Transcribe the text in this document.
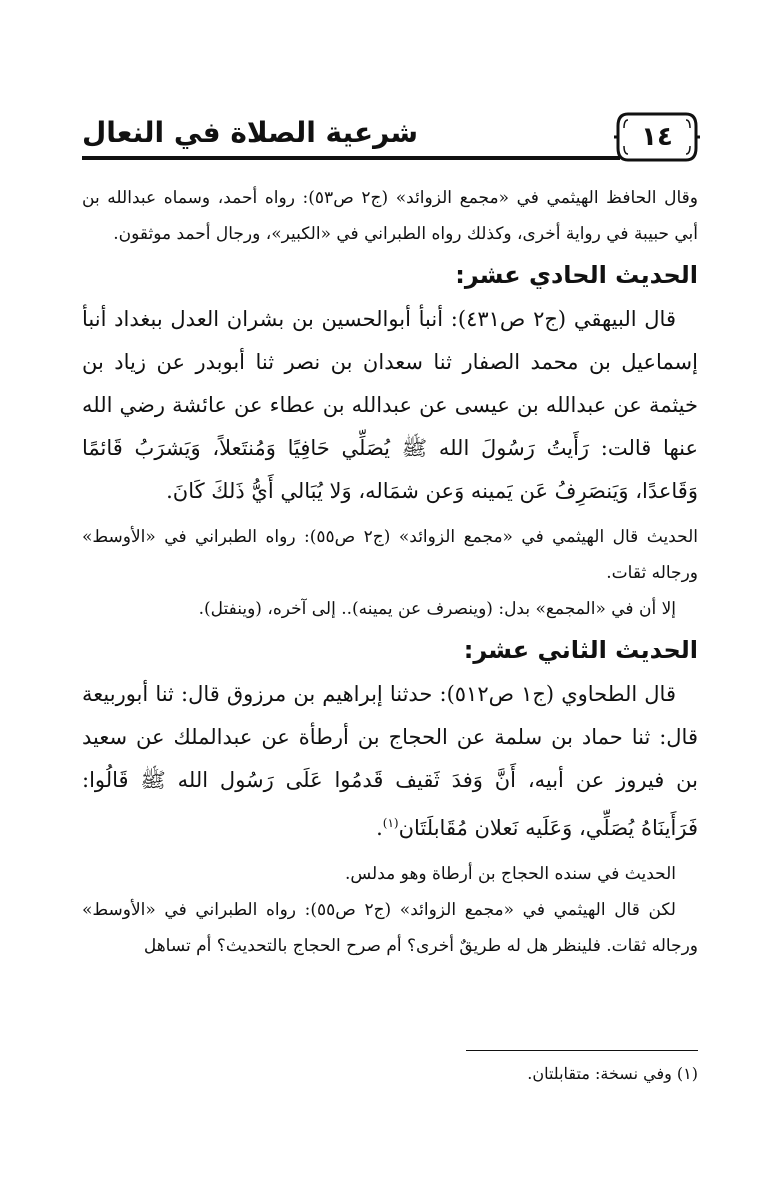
١٤
شرعية الصلاة في النعال

وقال الحافظ الهيثمي في «مجمع الزوائد» (ج٢ ص٥٣): رواه أحمد، وسماه عبدالله بن أبي حبيبة في رواية أخرى، وكذلك رواه الطبراني في «الكبير»، ورجال أحمد موثقون.

الحديث الحادي عشر:

قال البيهقي (ج٢ ص٤٣١): أنبأ أبوالحسين بن بشران العدل ببغداد أنبأ إسماعيل بن محمد الصفار ثنا سعدان بن نصر ثنا أبوبدر عن زياد بن خيثمة عن عبدالله بن عيسى عن عبدالله بن عطاء عن عائشة رضي الله عنها قالت: رَأَيتُ رَسُولَ الله ﷺ يُصَلِّي حَافِيًا وَمُنتَعلاً، وَيَشرَبُ قَائمًا وَقَاعدًا، وَيَنصَرِفُ عَن يَمينه وَعن شمَاله، وَلا يُبَالي أَيُّ ذَلكَ كَانَ.

الحديث قال الهيثمي في «مجمع الزوائد» (ج٢ ص٥٥): رواه الطبراني في «الأوسط» ورجاله ثقات.

إلا أن في «المجمع» بدل: (وينصرف عن يمينه).. إلى آخره، (وينفتل).

الحديث الثاني عشر:

قال الطحاوي (ج١ ص٥١٢): حدثنا إبراهيم بن مرزوق قال: ثنا أبوربيعة قال: ثنا حماد بن سلمة عن الحجاج بن أرطأة عن عبدالملك عن سعيد بن فيروز عن أبيه، أَنَّ وَفدَ ثَقيف قَدمُوا عَلَى رَسُول الله ﷺ قَالُوا: فَرَأَينَاهُ يُصَلِّي، وَعَلَيه نَعلان مُقَابلَتَان$^{(١)}$.

الحديث في سنده الحجاج بن أرطاة وهو مدلس.

لكن قال الهيثمي في «مجمع الزوائد» (ج٢ ص٥٥): رواه الطبراني في «الأوسط» ورجاله ثقات. فلينظر هل له طريقٌ أخرى؟ أم صرح الحجاج بالتحديث؟ أم تساهل

(١) وفي نسخة: متقابلتان.
